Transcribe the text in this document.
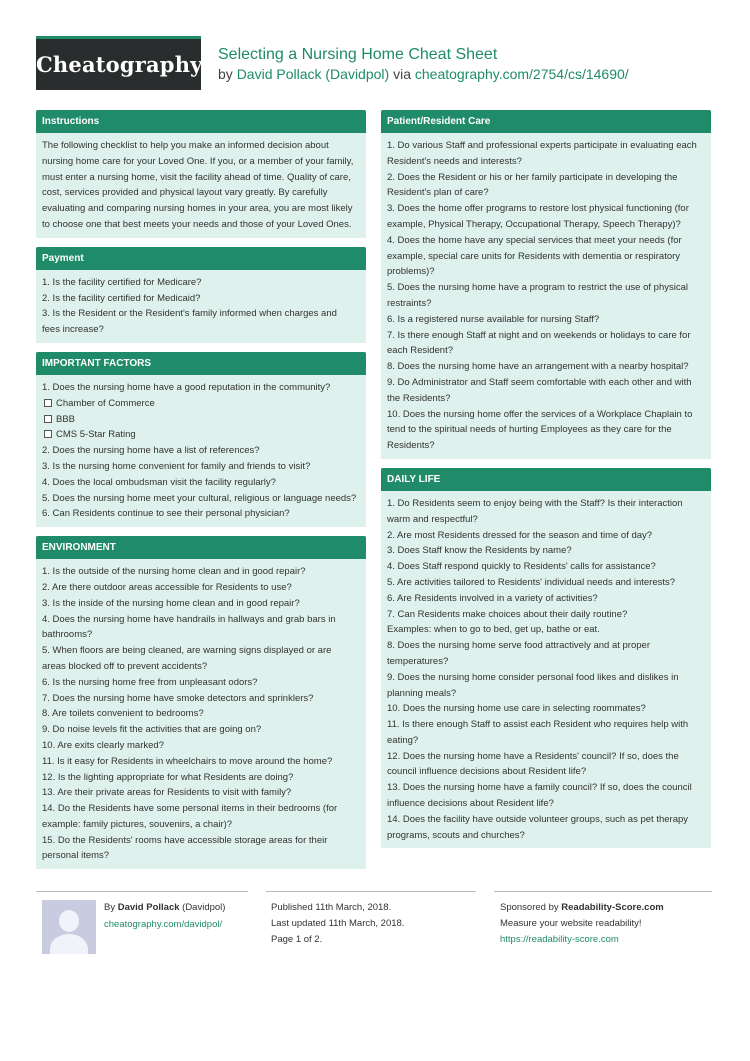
Cheatography Selecting a Nursing Home Cheat Sheet
by David Pollack (Davidpol) via cheatography.com/2754/cs/14690/
Instructions
The following checklist to help you make an informed decision about nursing home care for your Loved One. If you, or a member of your family, must enter a nursing home, visit the facility ahead of time. Quality of care, cost, services provided and physical layout vary greatly. By carefully evaluating and comparing nursing homes in your area, you are most likely to choose one that best meets your needs and those of your Loved Ones.
Payment
1. Is the facility certified for Medicare?
2. Is the facility certified for Medicaid?
3. Is the Resident or the Resident's family informed when charges and
fees increase?
IMPORTANT FACTORS
1. Does the nursing home have a good reputation in the community?
Chamber of Commerce
BBB
CMS 5-Star Rating
2. Does the nursing home have a list of references?
3. Is the nursing home convenient for family and friends to visit?
4. Does the local ombudsman visit the facility regularly?
5. Does the nursing home meet your cultural, religious or language needs?
6. Can Residents continue to see their personal physician?
ENVIRONMENT
1. Is the outside of the nursing home clean and in good repair?
2. Are there outdoor areas accessible for Residents to use?
3. Is the inside of the nursing home clean and in good repair?
4. Does the nursing home have handrails in hallways and grab bars in
bathrooms?
5. When floors are being cleaned, are warning signs displayed or are
areas blocked off to prevent accidents?
6. Is the nursing home free from unpleasant odors?
7. Does the nursing home have smoke detectors and sprinklers?
8. Are toilets convenient to bedrooms?
9. Do noise levels fit the activities that are going on?
10. Are exits clearly marked?
11. Is it easy for Residents in wheelchairs to move around the home?
12. Is the lighting appropriate for what Residents are doing?
13. Are their private areas for Residents to visit with family?
14. Do the Residents have some personal items in their bedrooms (for
example: family pictures, souvenirs, a chair)?
15. Do the Residents' rooms have accessible storage areas for their
personal items?
Patient/Resident Care
1. Do various Staff and professional experts participate in evaluating each
Resident's needs and interests?
2. Does the Resident or his or her family participate in developing the
Resident's plan of care?
3. Does the home offer programs to restore lost physical functioning (for
example, Physical Therapy, Occupational Therapy, Speech Therapy)?
4. Does the home have any special services that meet your needs (for
example, special care units for Residents with dementia or respiratory
problems)?
5. Does the nursing home have a program to restrict the use of physical
restraints?
6. Is a registered nurse available for nursing Staff?
7. Is there enough Staff at night and on weekends or holidays to care for
each Resident?
8. Does the nursing home have an arrangement with a nearby hospital?
9. Do Administrator and Staff seem comfortable with each other and with
the Residents?
10. Does the nursing home offer the services of a Workplace Chaplain to
tend to the spiritual needs of hurting Employees as they care for the
Residents?
DAILY LIFE
1. Do Residents seem to enjoy being with the Staff? Is their interaction
warm and respectful?
2. Are most Residents dressed for the season and time of day?
3. Does Staff know the Residents by name?
4. Does Staff respond quickly to Residents' calls for assistance?
5. Are activities tailored to Residents' individual needs and interests?
6. Are Residents involved in a variety of activities?
7. Can Residents make choices about their daily routine?
Examples: when to go to bed, get up, bathe or eat.
8. Does the nursing home serve food attractively and at proper
temperatures?
9. Does the nursing home consider personal food likes and dislikes in
planning meals?
10. Does the nursing home use care in selecting roommates?
11. Is there enough Staff to assist each Resident who requires help with
eating?
12. Does the nursing home have a Residents' council? If so, does the
council influence decisions about Resident life?
13. Does the nursing home have a family council? If so, does the council
influence decisions about Resident life?
14. Does the facility have outside volunteer groups, such as pet therapy
programs, scouts and churches?
By David Pollack (Davidpol)
cheatography.com/davidpol/
Published 11th March, 2018.
Last updated 11th March, 2018.
Page 1 of 2.
Sponsored by Readability-Score.com
Measure your website readability!
https://readability-score.com
